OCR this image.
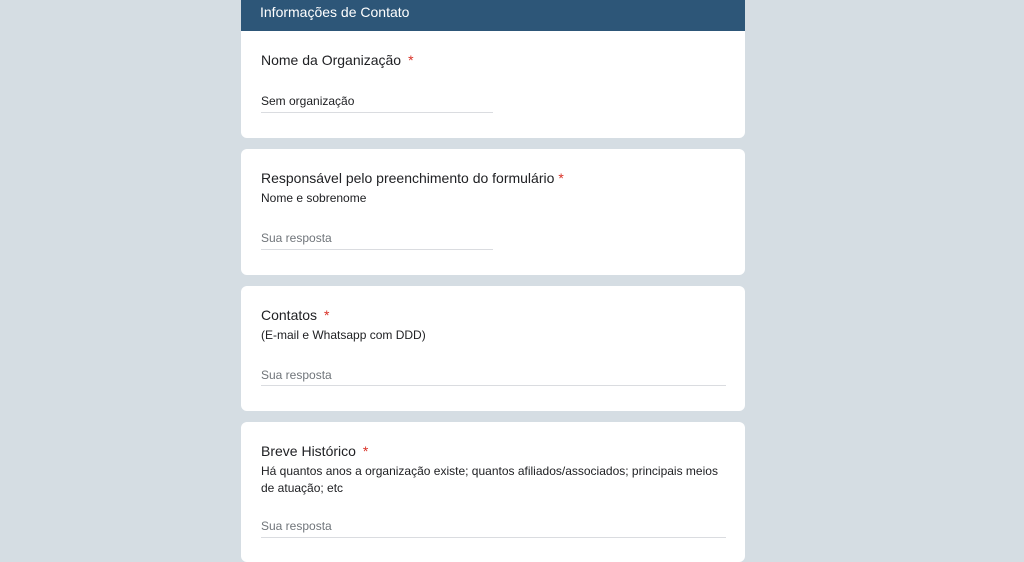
Informações de Contato
Nome da Organização *
Sem organização
Responsável pelo preenchimento do formulário *
Nome e sobrenome
Sua resposta
Contatos *
(E-mail e Whatsapp com DDD)
Sua resposta
Breve Histórico *
Há quantos anos a organização existe; quantos afiliados/associados; principais meios de atuação; etc
Sua resposta
